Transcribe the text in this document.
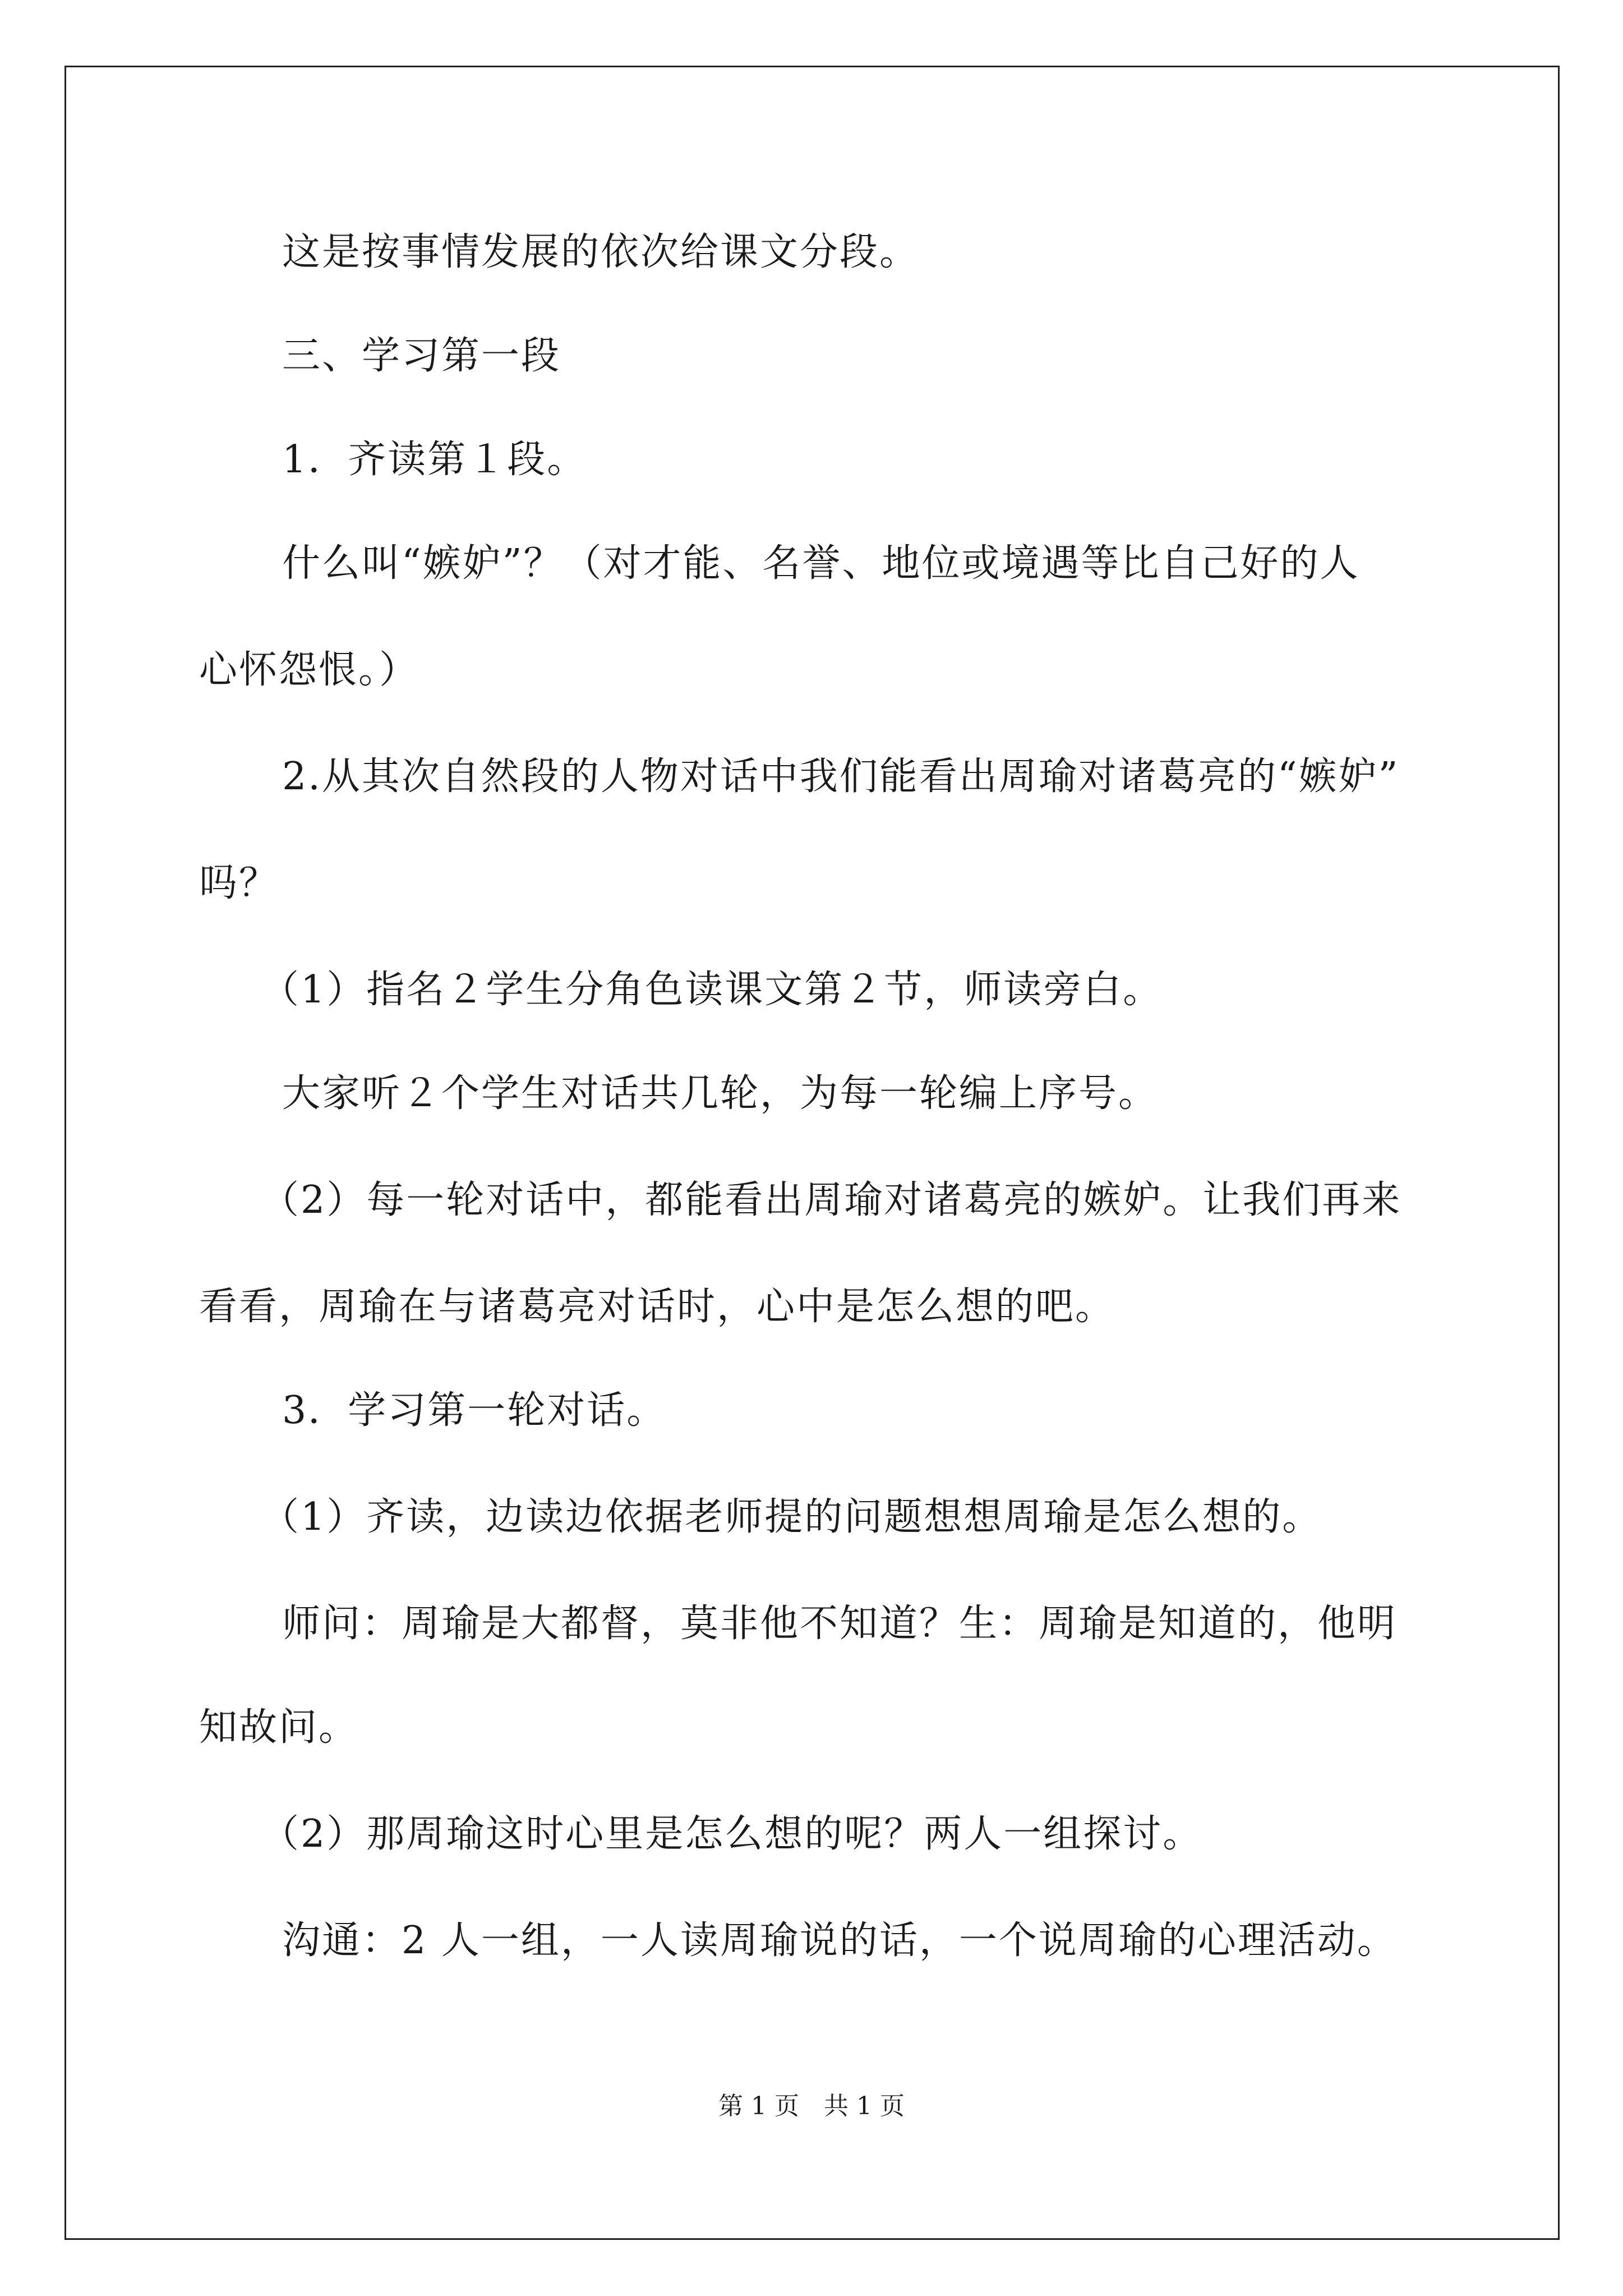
这是按事情发展的依次给课文分段。

三、学习第一段

1．齐读第１段。

什么叫“嫉妒”？（对才能、名誉、地位或境遇等比自己好的人

心怀怨恨。）

2.从其次自然段的人物对话中我们能看出周瑜对诸葛亮的“嫉妒”

吗？

（1）指名２学生分角色读课文第２节，师读旁白。

大家听２个学生对话共几轮，为每一轮编上序号。

（2）每一轮对话中，都能看出周瑜对诸葛亮的嫉妒。让我们再来

看看，周瑜在与诸葛亮对话时，心中是怎么想的吧。

3．学习第一轮对话。

（1）齐读，边读边依据老师提的问题想想周瑜是怎么想的。

师问：周瑜是大都督，莫非他不知道？生：周瑜是知道的，他明

知故问。

（2）那周瑜这时心里是怎么想的呢？两人一组探讨。

沟通：2 人一组，一人读周瑜说的话，一个说周瑜的心理活动。

第 1 页　共 1 页
